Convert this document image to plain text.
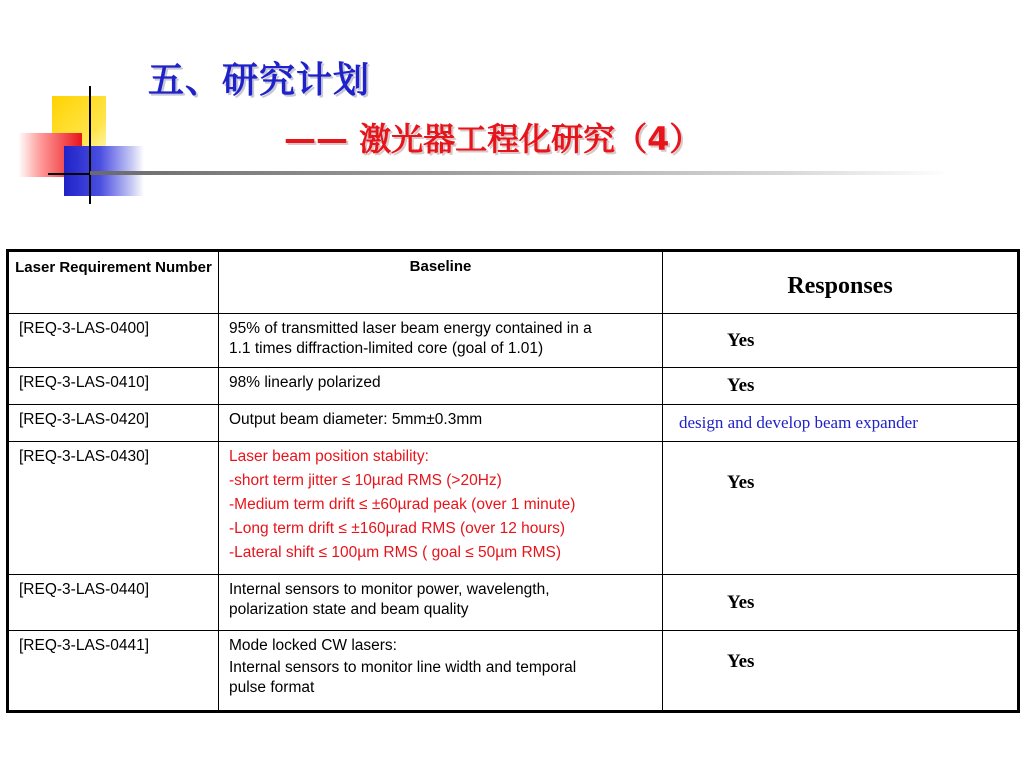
五、研究计划
—— 激光器工程化研究（4）
Laser Requirement Number	Baseline	Responses
[REQ-3-LAS-0400]	95% of transmitted laser beam energy contained in a
1.1 times diffraction-limited core (goal of 1.01)	Yes
[REQ-3-LAS-0410]	98% linearly polarized	Yes
[REQ-3-LAS-0420]	Output beam diameter: 5mm±0.3mm	design and develop beam expander
[REQ-3-LAS-0430]	Laser beam position stability:
-short term jitter ≤ 10µrad RMS (>20Hz)
-Medium term drift ≤ ±60µrad peak (over 1 minute)
-Long term drift ≤ ±160µrad RMS (over 12 hours)
-Lateral shift ≤ 100µm RMS ( goal ≤ 50µm RMS)	Yes
[REQ-3-LAS-0440]	Internal sensors to monitor power, wavelength,
polarization state and beam quality	Yes
[REQ-3-LAS-0441]	Mode locked CW lasers:
Internal sensors to monitor line width and temporal
pulse format	Yes
